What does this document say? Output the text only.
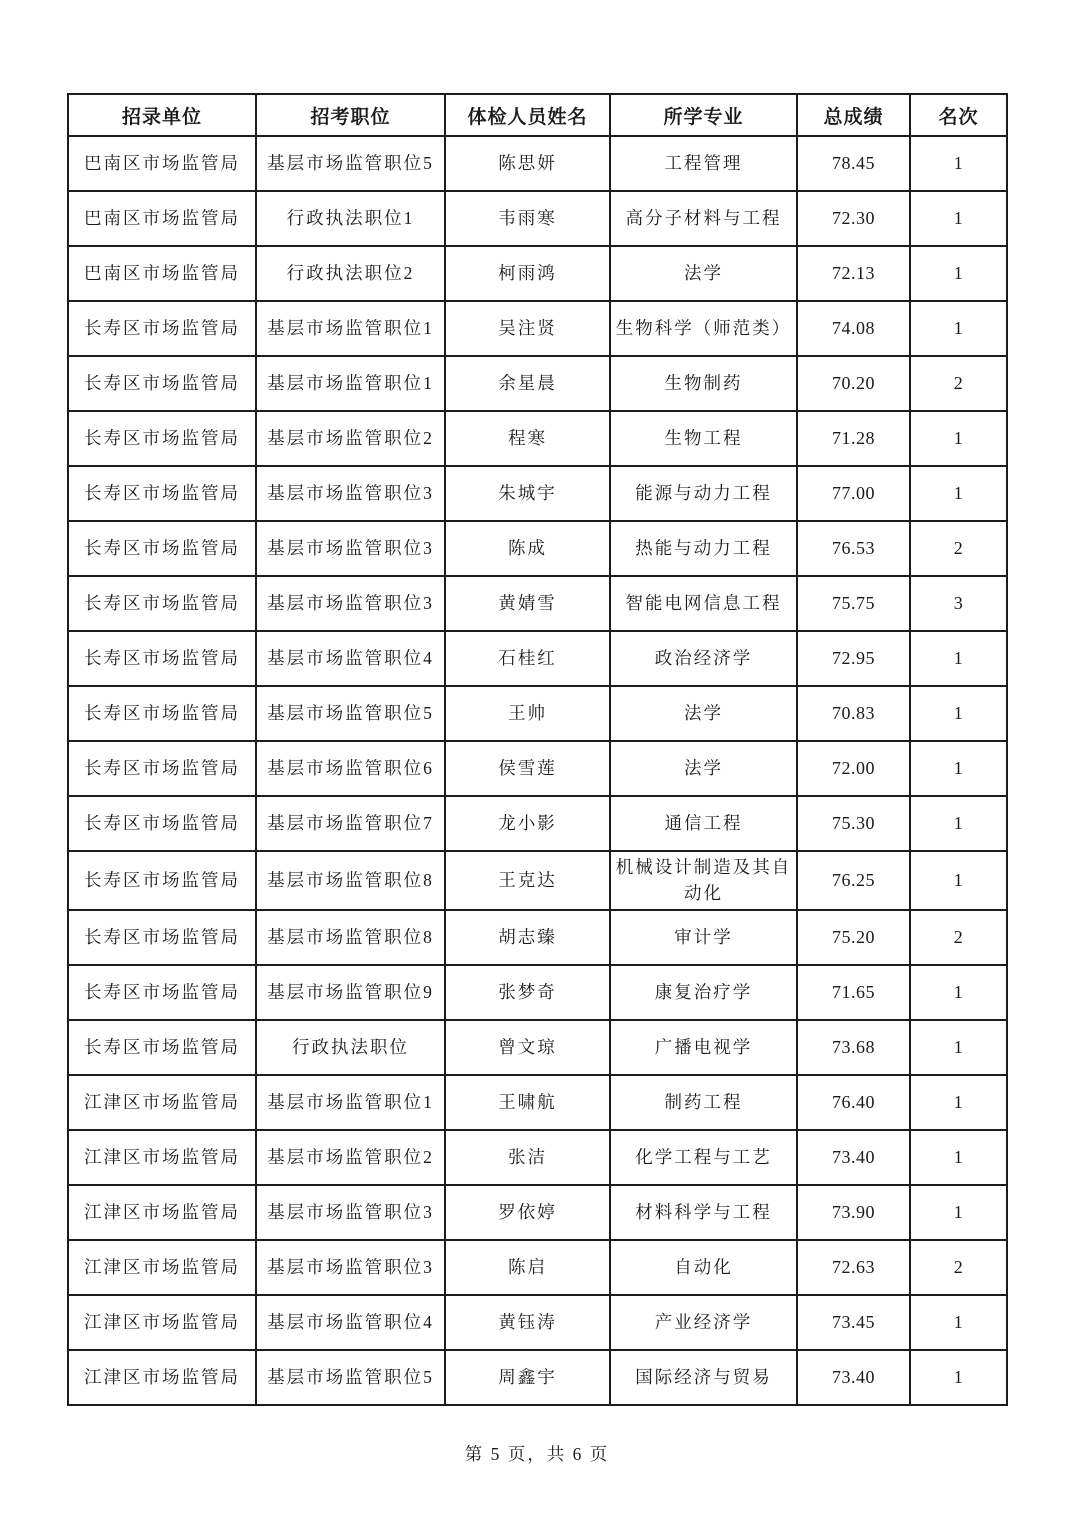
招录单位	招考职位	体检人员姓名	所学专业	总成绩	名次
巴南区市场监管局	基层市场监管职位5	陈思妍	工程管理	78.45	1
巴南区市场监管局	行政执法职位1	韦雨寒	高分子材料与工程	72.30	1
巴南区市场监管局	行政执法职位2	柯雨鸿	法学	72.13	1
长寿区市场监管局	基层市场监管职位1	吴注贤	生物科学（师范类）	74.08	1
长寿区市场监管局	基层市场监管职位1	余星晨	生物制药	70.20	2
长寿区市场监管局	基层市场监管职位2	程寒	生物工程	71.28	1
长寿区市场监管局	基层市场监管职位3	朱城宇	能源与动力工程	77.00	1
长寿区市场监管局	基层市场监管职位3	陈成	热能与动力工程	76.53	2
长寿区市场监管局	基层市场监管职位3	黄婧雪	智能电网信息工程	75.75	3
长寿区市场监管局	基层市场监管职位4	石桂红	政治经济学	72.95	1
长寿区市场监管局	基层市场监管职位5	王帅	法学	70.83	1
长寿区市场监管局	基层市场监管职位6	侯雪莲	法学	72.00	1
长寿区市场监管局	基层市场监管职位7	龙小影	通信工程	75.30	1
长寿区市场监管局	基层市场监管职位8	王克达	机械设计制造及其自动化	76.25	1
长寿区市场监管局	基层市场监管职位8	胡志臻	审计学	75.20	2
长寿区市场监管局	基层市场监管职位9	张梦奇	康复治疗学	71.65	1
长寿区市场监管局	行政执法职位	曾文琼	广播电视学	73.68	1
江津区市场监管局	基层市场监管职位1	王啸航	制药工程	76.40	1
江津区市场监管局	基层市场监管职位2	张洁	化学工程与工艺	73.40	1
江津区市场监管局	基层市场监管职位3	罗依婷	材料科学与工程	73.90	1
江津区市场监管局	基层市场监管职位3	陈启	自动化	72.63	2
江津区市场监管局	基层市场监管职位4	黄钰涛	产业经济学	73.45	1
江津区市场监管局	基层市场监管职位5	周鑫宇	国际经济与贸易	73.40	1
第 5 页，共 6 页
